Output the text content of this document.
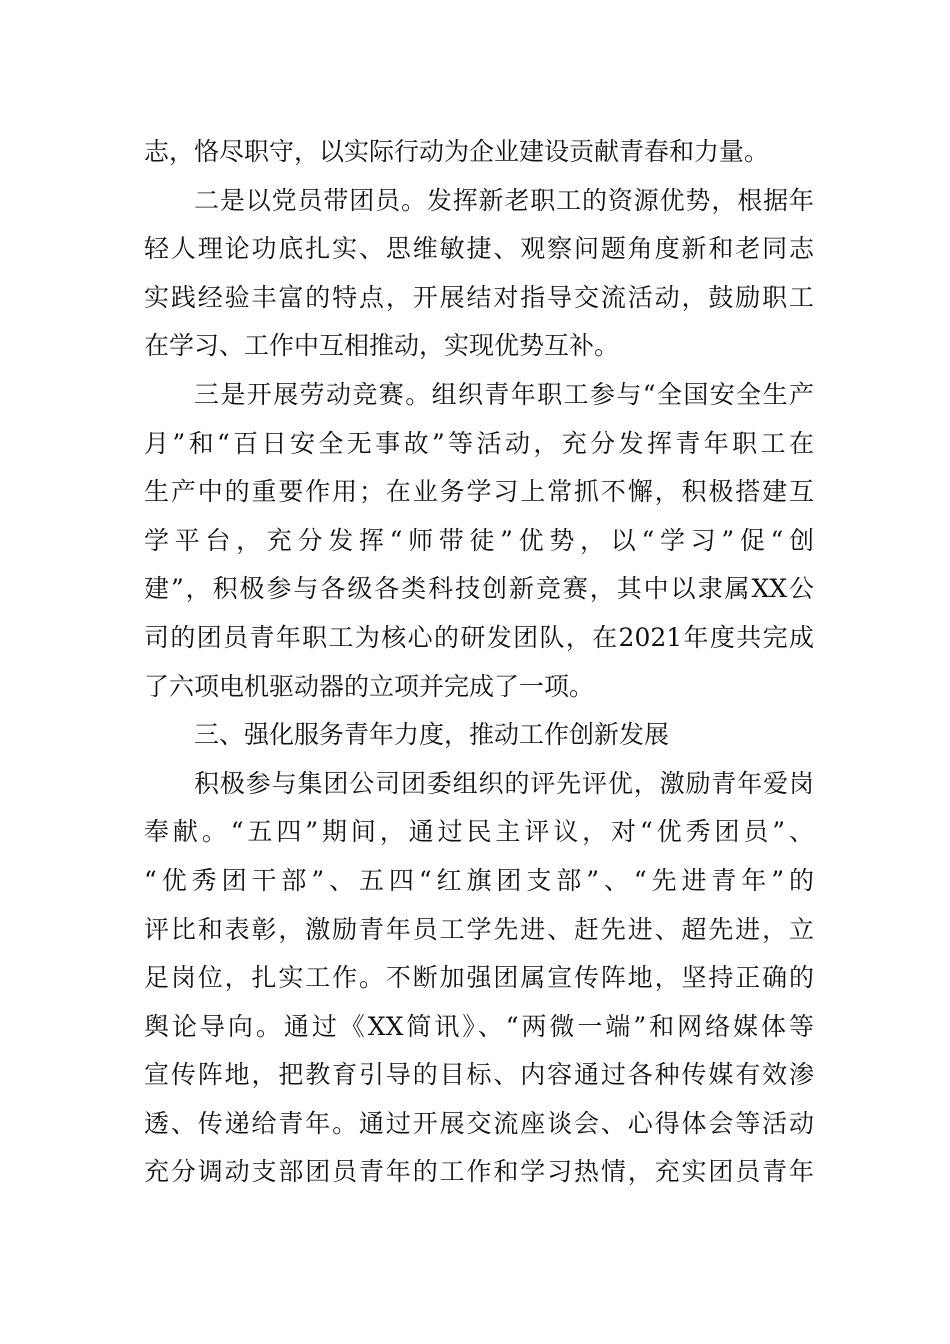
志，恪尽职守，以实际行动为企业建设贡献青春和力量。
二是以党员带团员。发挥新老职工的资源优势，根据年
轻人理论功底扎实、思维敏捷、观察问题角度新和老同志
实践经验丰富的特点，开展结对指导交流活动，鼓励职工
在学习、工作中互相推动，实现优势互补。
三是开展劳动竞赛。组织青年职工参与“全国安全生产
月”和“百日安全无事故”等活动，充分发挥青年职工在
生产中的重要作用；在业务学习上常抓不懈，积极搭建互
学平台，充分发挥“师带徒”优势，以“学习”促“创
建”，积极参与各级各类科技创新竞赛，其中以隶属XX公
司的团员青年职工为核心的研发团队，在2021年度共完成
了六项电机驱动器的立项并完成了一项。
三、强化服务青年力度，推动工作创新发展
积极参与集团公司团委组织的评先评优，激励青年爱岗
奉献。“五四”期间，通过民主评议，对“优秀团员”、
“优秀团干部”、五四“红旗团支部”、“先进青年”的
评比和表彰，激励青年员工学先进、赶先进、超先进，立
足岗位，扎实工作。不断加强团属宣传阵地，坚持正确的
舆论导向。通过《XX简讯》、“两微一端”和网络媒体等
宣传阵地，把教育引导的目标、内容通过各种传媒有效渗
透、传递给青年。通过开展交流座谈会、心得体会等活动
充分调动支部团员青年的工作和学习热情，充实团员青年
